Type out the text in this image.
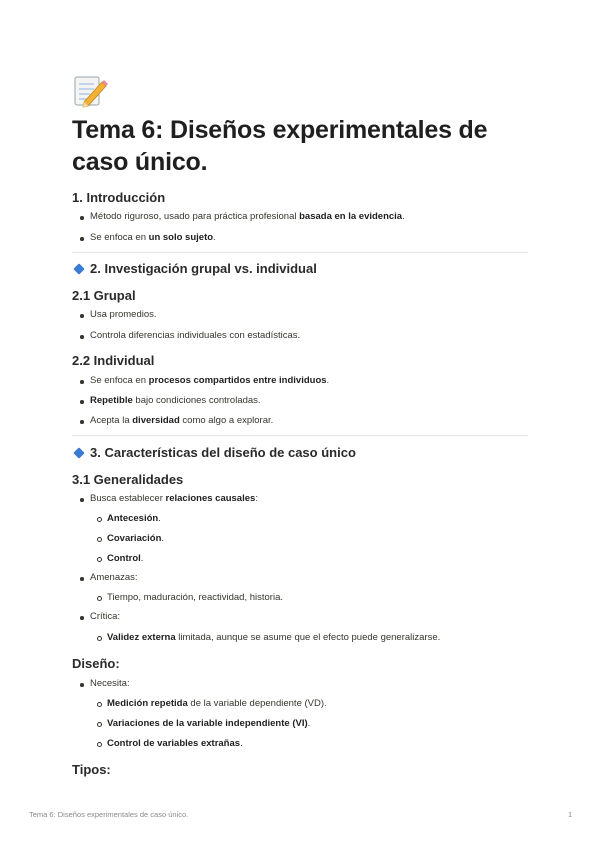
Tema 6: Diseños experimentales de
caso único.
1. Introducción
Método riguroso, usado para práctica profesional basada en la evidencia.
Se enfoca en un solo sujeto.
2. Investigación grupal vs. individual
2.1 Grupal
Usa promedios.
Controla diferencias individuales con estadísticas.
2.2 Individual
Se enfoca en procesos compartidos entre individuos.
Repetible bajo condiciones controladas.
Acepta la diversidad como algo a explorar.
3. Características del diseño de caso único
3.1 Generalidades
Busca establecer relaciones causales:
Antecesión.
Covariación.
Control.
Amenazas:
Tiempo, maduración, reactividad, historia.
Crítica:
Validez externa limitada, aunque se asume que el efecto puede generalizarse.
Diseño:
Necesita:
Medición repetida de la variable dependiente (VD).
Variaciones de la variable independiente (VI).
Control de variables extrañas.
Tipos:
Tema 6: Diseños experimentales de caso único.	1
